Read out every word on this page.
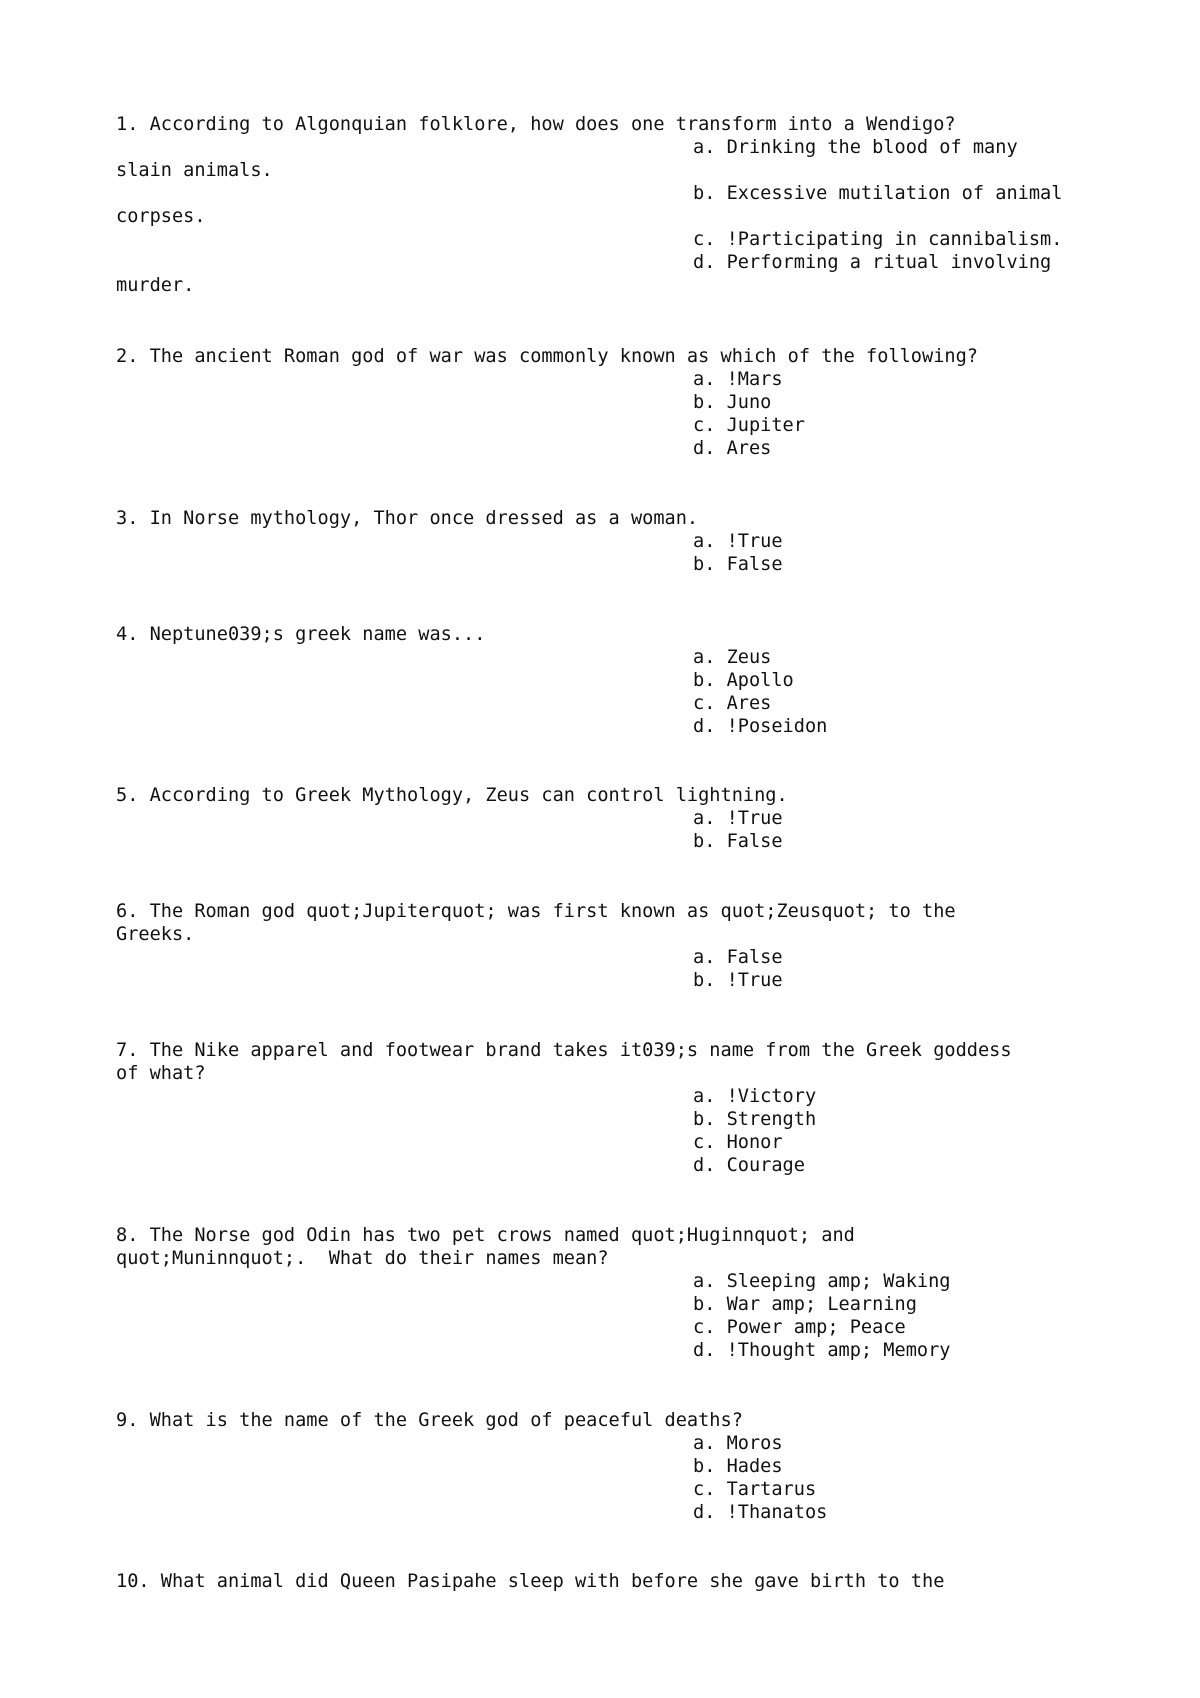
1. According to Algonquian folklore, how does one transform into a Wendigo?
a. Drinking the blood of many
slain animals.
b. Excessive mutilation of animal
corpses.
c. !Participating in cannibalism.
d. Performing a ritual involving
murder.
2. The ancient Roman god of war was commonly known as which of the following?
a. !Mars
b. Juno
c. Jupiter
d. Ares
3. In Norse mythology, Thor once dressed as a woman.
a. !True
b. False
4. Neptune039;s greek name was...
a. Zeus
b. Apollo
c. Ares
d. !Poseidon
5. According to Greek Mythology, Zeus can control lightning.
a. !True
b. False
6. The Roman god quot;Jupiterquot; was first known as quot;Zeusquot; to the
Greeks.
a. False
b. !True
7. The Nike apparel and footwear brand takes it039;s name from the Greek goddess
of what?
a. !Victory
b. Strength
c. Honor
d. Courage
8. The Norse god Odin has two pet crows named quot;Huginnquot; and
quot;Muninnquot;.  What do their names mean?
a. Sleeping amp; Waking
b. War amp; Learning
c. Power amp; Peace
d. !Thought amp; Memory
9. What is the name of the Greek god of peaceful deaths?
a. Moros
b. Hades
c. Tartarus
d. !Thanatos
10. What animal did Queen Pasipahe sleep with before she gave birth to the
